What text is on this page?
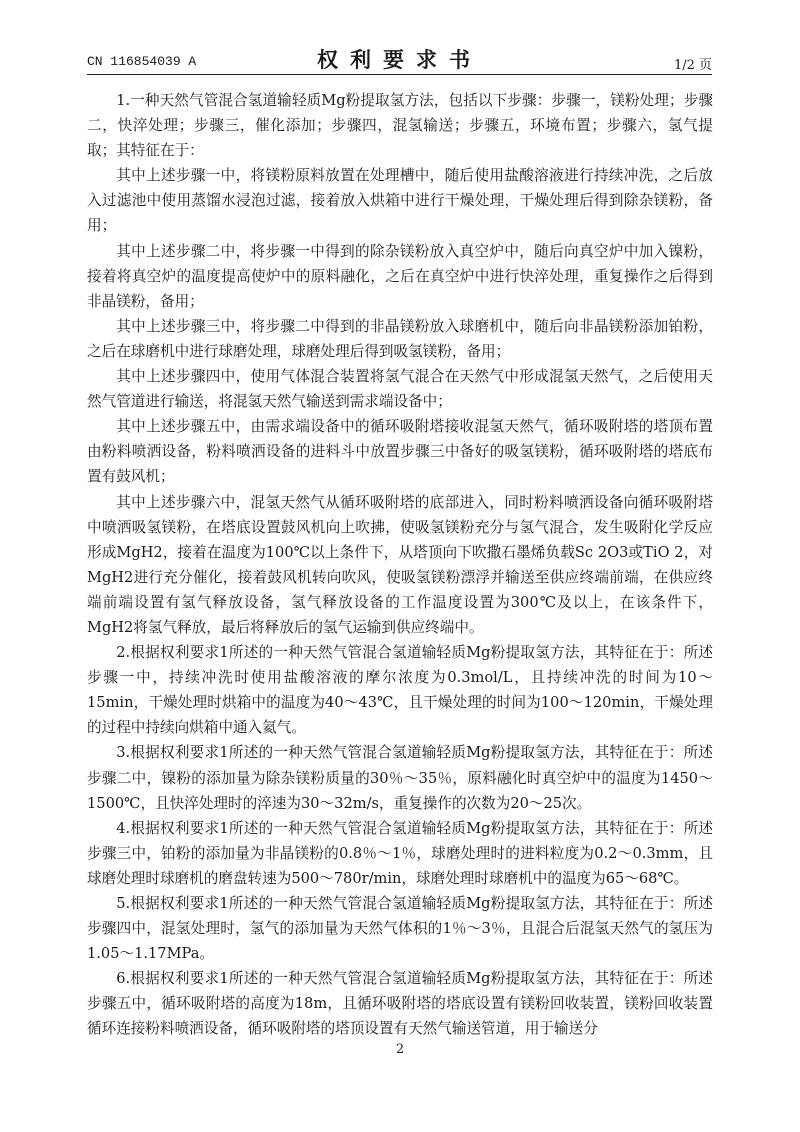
CN 116854039 A	权利要求书	1/2 页

1.一种天然气管混合氢道输轻质Mg粉提取氢方法，包括以下步骤：步骤一，镁粉处理；步骤二，快淬处理；步骤三，催化添加；步骤四，混氢输送；步骤五，环境布置；步骤六，氢气提取；其特征在于：

其中上述步骤一中，将镁粉原料放置在处理槽中，随后使用盐酸溶液进行持续冲洗，之后放入过滤池中使用蒸馏水浸泡过滤，接着放入烘箱中进行干燥处理，干燥处理后得到除杂镁粉，备用；

其中上述步骤二中，将步骤一中得到的除杂镁粉放入真空炉中，随后向真空炉中加入镍粉，接着将真空炉的温度提高使炉中的原料融化，之后在真空炉中进行快淬处理，重复操作之后得到非晶镁粉，备用；

其中上述步骤三中，将步骤二中得到的非晶镁粉放入球磨机中，随后向非晶镁粉添加铂粉，之后在球磨机中进行球磨处理，球磨处理后得到吸氢镁粉，备用；

其中上述步骤四中，使用气体混合装置将氢气混合在天然气中形成混氢天然气，之后使用天然气管道进行输送，将混氢天然气输送到需求端设备中；

其中上述步骤五中，由需求端设备中的循环吸附塔接收混氢天然气，循环吸附塔的塔顶布置由粉料喷洒设备，粉料喷洒设备的进料斗中放置步骤三中备好的吸氢镁粉，循环吸附塔的塔底布置有鼓风机；

其中上述步骤六中，混氢天然气从循环吸附塔的底部进入，同时粉料喷洒设备向循环吸附塔中喷洒吸氢镁粉，在塔底设置鼓风机向上吹拂，使吸氢镁粉充分与氢气混合，发生吸附化学反应形成MgH2，接着在温度为100℃以上条件下，从塔顶向下吹撒石墨烯负载Sc 2O3或TiO 2，对MgH2进行充分催化，接着鼓风机转向吹风，使吸氢镁粉漂浮并输送至供应终端前端，在供应终端前端设置有氢气释放设备，氢气释放设备的工作温度设置为300℃及以上，在该条件下，MgH2将氢气释放，最后将释放后的氢气运输到供应终端中。

2.根据权利要求1所述的一种天然气管混合氢道输轻质Mg粉提取氢方法，其特征在于：所述步骤一中，持续冲洗时使用盐酸溶液的摩尔浓度为0.3mol/L，且持续冲洗的时间为10～15min，干燥处理时烘箱中的温度为40～43℃，且干燥处理的时间为100～120min，干燥处理的过程中持续向烘箱中通入氦气。

3.根据权利要求1所述的一种天然气管混合氢道输轻质Mg粉提取氢方法，其特征在于：所述步骤二中，镍粉的添加量为除杂镁粉质量的30％～35％，原料融化时真空炉中的温度为1450～1500℃，且快淬处理时的淬速为30～32m/s，重复操作的次数为20～25次。

4.根据权利要求1所述的一种天然气管混合氢道输轻质Mg粉提取氢方法，其特征在于：所述步骤三中，铂粉的添加量为非晶镁粉的0.8％～1％，球磨处理时的进料粒度为0.2～0.3mm，且球磨处理时球磨机的磨盘转速为500～780r/min，球磨处理时球磨机中的温度为65～68℃。

5.根据权利要求1所述的一种天然气管混合氢道输轻质Mg粉提取氢方法，其特征在于：所述步骤四中，混氢处理时，氢气的添加量为天然气体积的1％～3％，且混合后混氢天然气的氢压为1.05～1.17MPa。

6.根据权利要求1所述的一种天然气管混合氢道输轻质Mg粉提取氢方法，其特征在于：所述步骤五中，循环吸附塔的高度为18m，且循环吸附塔的塔底设置有镁粉回收装置，镁粉回收装置循环连接粉料喷洒设备，循环吸附塔的塔顶设置有天然气输送管道，用于输送分

2
